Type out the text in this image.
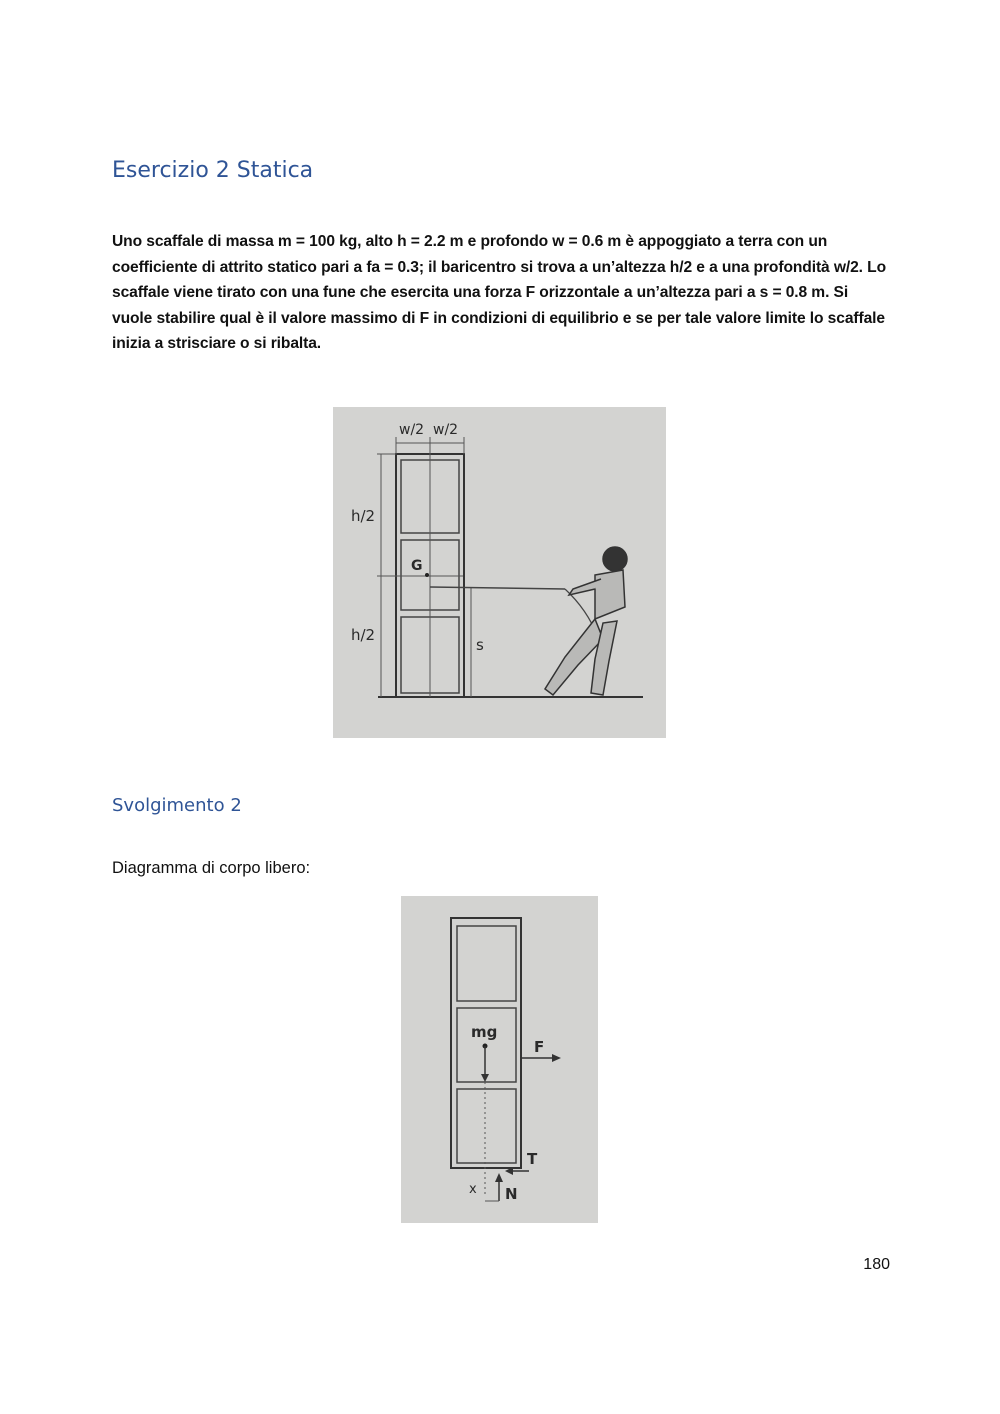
Esercizio 2 Statica

Uno scaffale di massa m = 100 kg, alto h = 2.2 m e profondo w = 0.6 m è appoggiato a terra con un coefficiente di attrito statico pari a fa = 0.3; il baricentro si trova a un’altezza h/2 e a una profondità w/2. Lo scaffale viene tirato con una fune che esercita una forza F orizzontale a un’altezza pari a s = 0.8 m. Si vuole stabilire qual è il valore massimo di F in condizioni di equilibrio e se per tale valore limite lo scaffale inizia a strisciare o si ribalta.

w/2 w/2
h/2
h/2
G
s
Svolgimento 2

Diagramma di corpo libero:

mg
F
T
N
x
180
